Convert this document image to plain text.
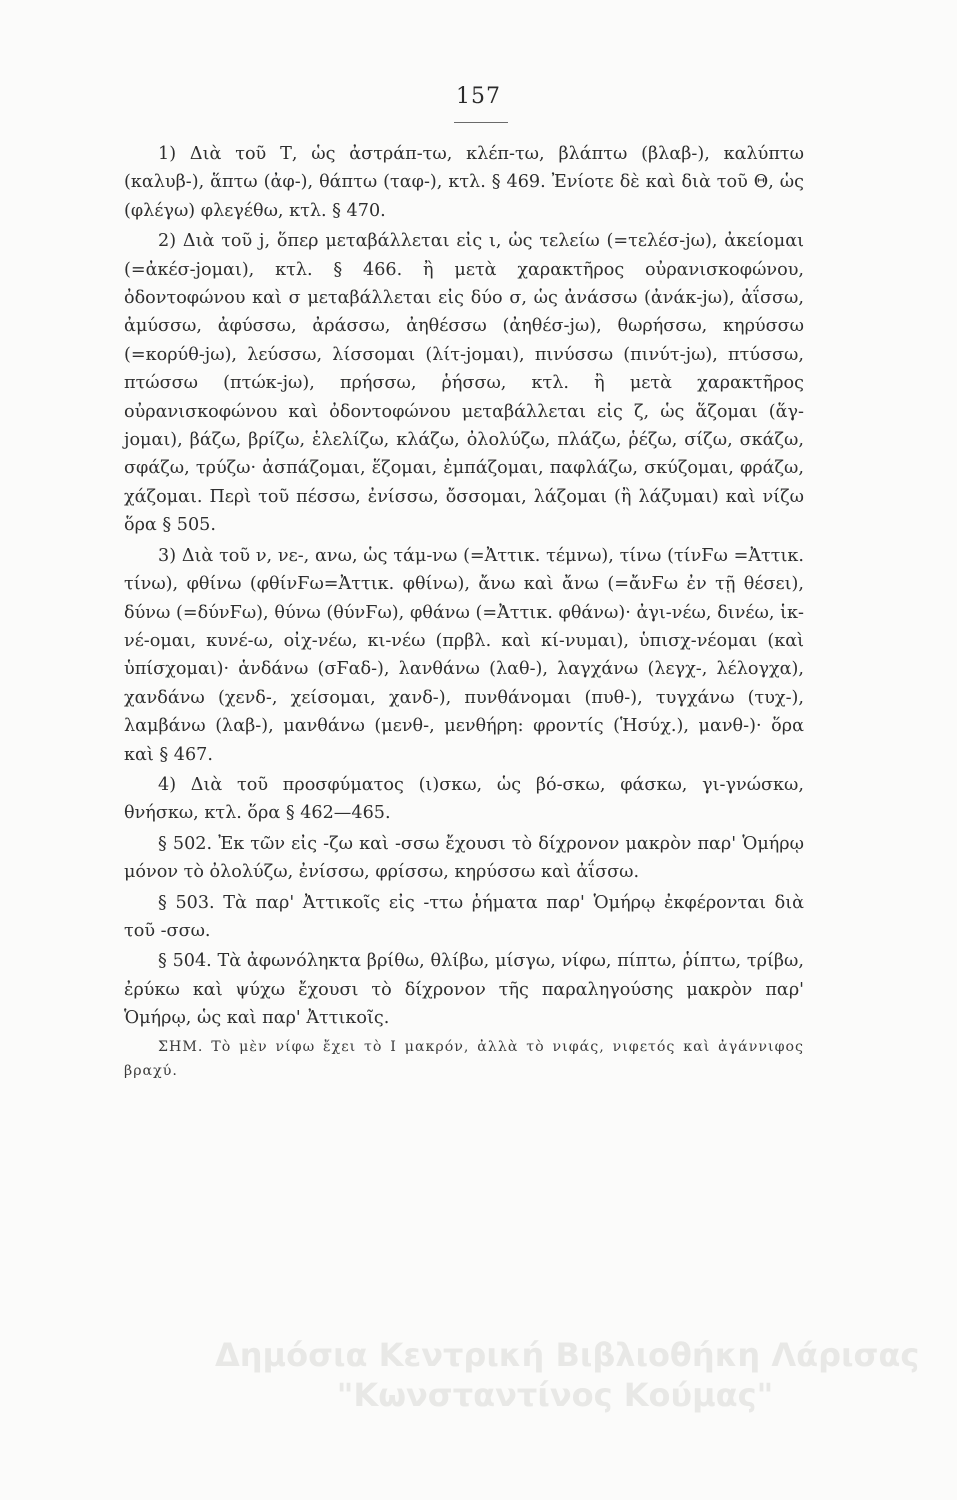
157

1) Διὰ τοῦ Τ, ὡς ἀστράπ-τω, κλέπ-τω, βλάπτω (βλαβ-), καλύπτω (καλυβ-), ἅπτω (ἀφ-), θάπτω (ταφ-), κτλ. § 469. Ἐνίοτε δὲ καὶ διὰ τοῦ Θ, ὡς (φλέγω) φλεγέθω, κτλ. § 470.

2) Διὰ τοῦ j, ὅπερ μεταβάλλεται εἰς ι, ὡς τελείω (=τελέσ-jω), ἀκείομαι (=ἀκέσ-jομαι), κτλ. § 466. ἢ μετὰ χαρακτῆρος οὐρανισκοφώνου, ὀδοντοφώνου καὶ σ μεταβάλλεται εἰς δύο σ, ὡς ἀνάσσω (ἀνάκ-jω), ἀΐσσω, ἀμύσσω, ἀφύσσω, ἀράσσω, ἀηθέσσω (ἀηθέσ-jω), θωρήσσω, κηρύσσω (=κορύθ-jω), λεύσσω, λίσσομαι (λίτ-jομαι), πινύσσω (πινύτ-jω), πτύσσω, πτώσσω (πτώκ-jω), πρήσσω, ῥήσσω, κτλ. ἢ μετὰ χαρακτῆρος οὐρανισκοφώνου καὶ ὀδοντοφώνου μεταβάλλεται εἰς ζ, ὡς ἅζομαι (ἅγ-jομαι), βάζω, βρίζω, ἑλελίζω, κλάζω, ὀλολύζω, πλάζω, ῥέζω, σίζω, σκάζω, σφάζω, τρύζω· ἀσπάζομαι, ἕζομαι, ἐμπάζομαι, παφλάζω, σκύζομαι, φράζω, χάζομαι. Περὶ τοῦ πέσσω, ἐνίσσω, ὄσσομαι, λάζομαι (ἢ λάζυμαι) καὶ νίζω ὅρα § 505.

3) Διὰ τοῦ ν, νε-, ανω, ὡς τάμ-νω (=Ἀττικ. τέμνω), τίνω (τίνϜω =Ἀττικ. τίνω), φθίνω (φθίνϜω=Ἀττικ. φθίνω), ἄνω καὶ ἄνω (=ἄνϜω ἐν τῇ θέσει), δύνω (=δύνϜω), θύνω (θύνϜω), φθάνω (=Ἀττικ. φθάνω)· ἀγι-νέω, δινέω, ἱκ-νέ-ομαι, κυνέ-ω, οἰχ-νέω, κι-νέω (πρβλ. καὶ κί-νυμαι), ὑπισχ-νέομαι (καὶ ὑπίσχομαι)· ἁνδάνω (σϜαδ-), λανθάνω (λαθ-), λαγχάνω (λεγχ-, λέλογχα), χανδάνω (χενδ-, χείσομαι, χανδ-), πυνθάνομαι (πυθ-), τυγχάνω (τυχ-), λαμβάνω (λαβ-), μανθάνω (μενθ-, μενθήρη: φροντίς (Ἡσύχ.), μανθ-)· ὅρα καὶ § 467.

4) Διὰ τοῦ προσφύματος (ι)σκω, ὡς βό-σκω, φάσκω, γι-γνώσκω, θνήσκω, κτλ. ὅρα § 462—465.

§ 502. Ἐκ τῶν εἰς -ζω καὶ -σσω ἔχουσι τὸ δίχρονον μακρὸν παρ' Ὁμήρῳ μόνον τὸ ὀλολύζω, ἐνίσσω, φρίσσω, κηρύσσω καὶ ἀΐσσω.

§ 503. Τὰ παρ' Ἀττικοῖς εἰς -ττω ῥήματα παρ' Ὁμήρῳ ἐκφέρονται διὰ τοῦ -σσω.

§ 504. Τὰ ἀφωνόληκτα βρίθω, θλίβω, μίσγω, νίφω, πίπτω, ῥίπτω, τρίβω, ἐρύκω καὶ ψύχω ἔχουσι τὸ δίχρονον τῆς παραληγούσης μακρὸν παρ' Ὁμήρῳ, ὡς καὶ παρ' Ἀττικοῖς.

ΣΗΜ. Τὸ μὲν νίφω ἔχει τὸ Ι μακρόν, ἀλλὰ τὸ νιφάς, νιφετός καὶ ἀγάννιφος βραχύ.

Δημόσια Κεντρική Βιβλιοθήκη Λάρισας
"Κωνσταντίνος Κούμας"
